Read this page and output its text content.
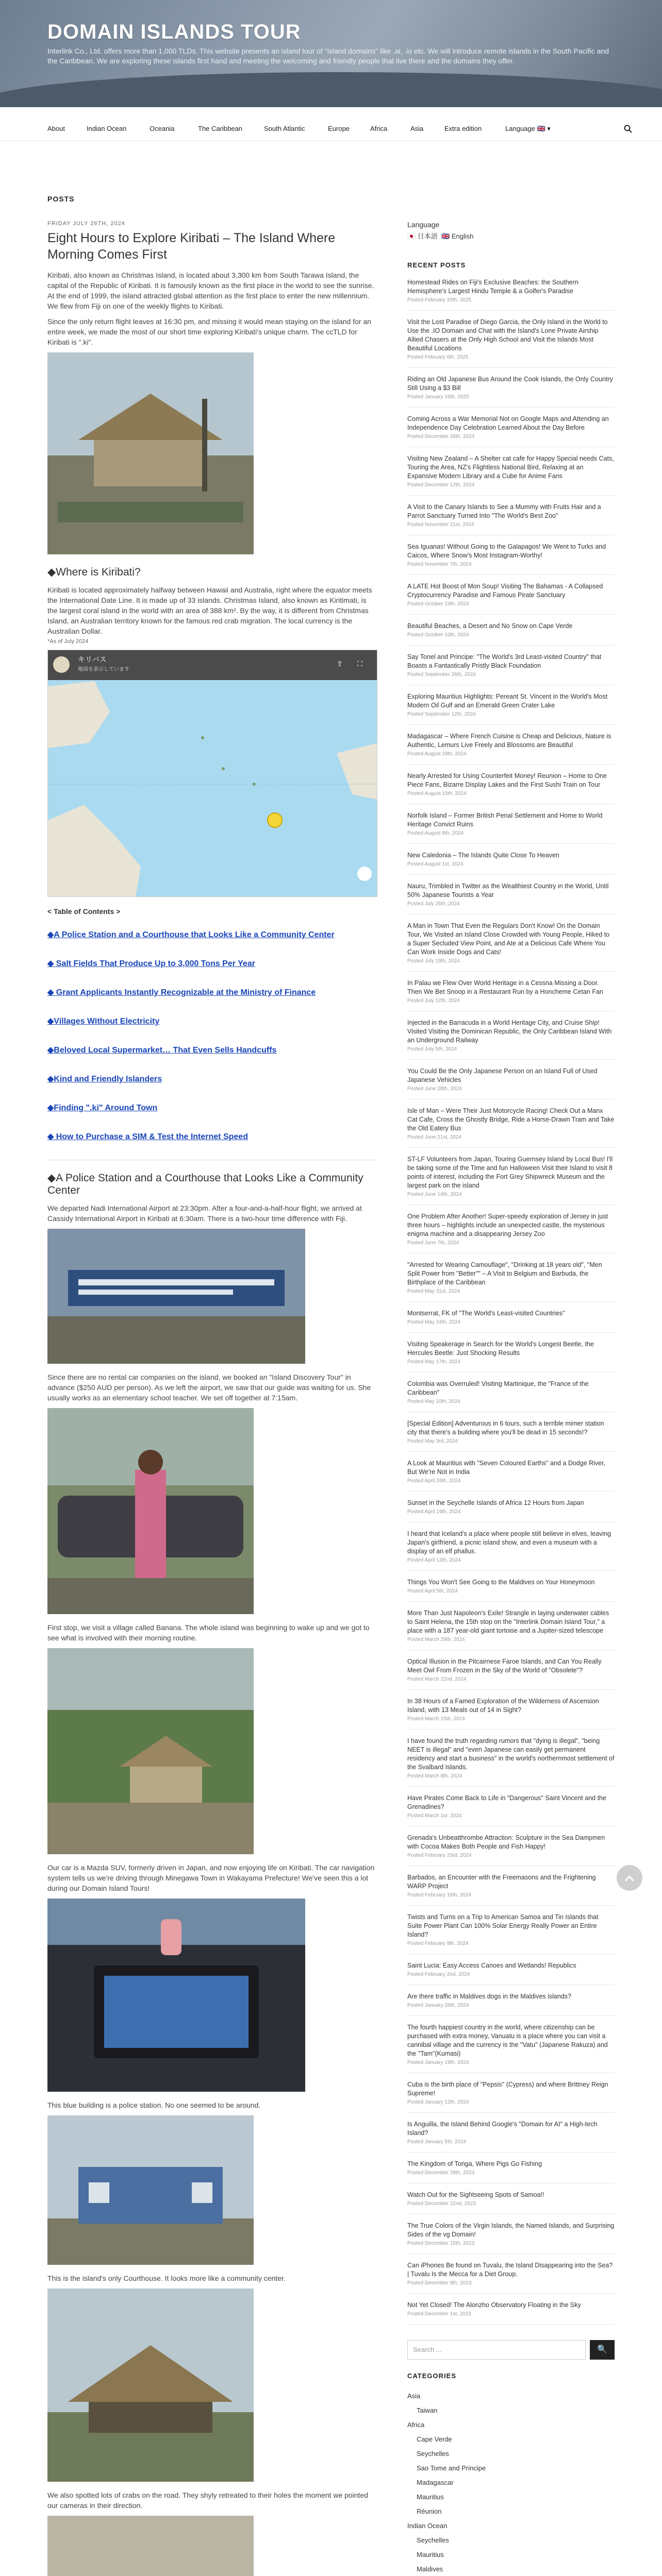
DOMAIN ISLANDS TOUR

Interlink Co., Ltd. offers more than 1,000 TLDs. This website presents an island tour of "island domains" like .ai, .io etc. We will introduce remote islands in the South Pacific and the Caribbean. We are exploring these islands first hand and meeting the welcoming and friendly people that live there and the domains they offer.

About	Indian Ocean	Oceania	The Caribbean	South Atlantic	Europe	Africa	Asia	Extra edition	Language 🇬🇧 ▾
POSTS
FRIDAY JULY 26TH, 2024
Eight Hours to Explore Kiribati – The Island Where Morning Comes First
Kiribati, also known as Christmas Island, is located about 3,300 km from South Tarawa Island, the capital of the Republic of Kiribati. It is famously known as the first place in the world to see the sunrise. At the end of 1999, the island attracted global attention as the first place to enter the new millennium. We flew from Fiji on one of the weekly flights to Kiribati.
Since the only return flight leaves at 16:30 pm, and missing it would mean staying on the island for an entire week, we made the most of our short time exploring Kiribati's unique charm. The ccTLD for Kiribati is ".ki".
◆Where is Kiribati?
Kiribati is located approximately halfway between Hawaii and Australia, right where the equator meets the International Date Line. It is made up of 33 islands. Christmas Island, also known as Kiritimati, is the largest coral island in the world with an area of 388 km². By the way, it is different from Christmas Island, an Australian territory known for the famous red crab migration. The local currency is the Australian Dollar.
*As of July 2024
キリバス
地図を表示しています
⇪ ⛶
< Table of Contents >
◆A Police Station and a Courthouse that Looks Like a Community Center
◆ Salt Fields That Produce Up to 3,000 Tons Per Year
◆ Grant Applicants Instantly Recognizable at the Ministry of Finance
◆Villages Without Electricity
◆Beloved Local Supermarket… That Even Sells Handcuffs
◆Kind and Friendly Islanders
◆Finding ".ki" Around Town
◆ How to Purchase a SIM & Test the Internet Speed
◆A Police Station and a Courthouse that Looks Like a Community Center
We departed Nadi International Airport at 23:30pm. After a four-and-a-half-hour flight, we arrived at Cassidy International Airport in Kiribati at 6:30am. There is a two-hour time difference with Fiji.
Since there are no rental car companies on the island, we booked an "Island Discovery Tour" in advance ($250 AUD per person). As we left the airport, we saw that our guide was waiting for us. She usually works as an elementary school teacher. We set off together at 7:15am.
First stop, we visit a village called Banana. The whole island was beginning to wake up and we got to see what is involved with their morning routine.
Our car is a Mazda SUV, formerly driven in Japan, and now enjoying life on Kiribati. The car navigation system tells us we're driving through Minegawa Town in Wakayama Prefecture! We've seen this a lot during our Domain Island Tours!
This blue building is a police station. No one seemed to be around.
This is the island's only Courthouse. It looks more like a community center.
We also spotted lots of crabs on the road. They shyly retreated to their holes the moment we pointed our cameras in their direction.
Language
🇯🇵 日本語 🇬🇧 English
RECENT POSTS
Homestead Rides on Fiji's Exclusive Beaches: the Southern Hemisphere's Largest Hindu Temple & a Golfer's Paradise
Posted February 20th, 2025
Visit the Lost Paradise of Diego Garcia, the Only Island in the World to Use the .IO Domain and Chat with the Island's Lone Private Airship Allied Chasers at the Only High School and Visit the Islands Most Beautiful Locations
Posted February 6th, 2025
Riding an Old Japanese Bus Around the Cook Islands, the Only Country Still Using a $3 Bill
Posted January 16th, 2025
Coming Across a War Memorial Not on Google Maps and Attending an Independence Day Celebration Learned About the Day Before
Posted December 26th, 2024
Visiting New Zealand – A Shelter cat cafe for Happy Special needs Cats, Touring the Area, NZ's Flightless National Bird, Relaxing at an Expansive Modern Library and a Cube for Anime Fans
Posted December 12th, 2024
A Visit to the Canary Islands to See a Mummy with Fruits Hair and a Parrot Sanctuary Turned Into "The World's Best Zoo"
Posted November 21st, 2024
Sea Iguanas! Without Going to the Galapagos! We Went to Turks and Caicos, Where Snow's Most Instagram-Worthy!
Posted November 7th, 2024
A LATE Hot Boost of Mon Soup! Visiting The Bahamas - A Collapsed Cryptocurrency Paradise and Famous Pirate Sanctuary
Posted October 24th, 2024
Beautiful Beaches, a Desert and No Snow on Cape Verde
Posted October 10th, 2024
Say Tonel and Principe: "The World's 3rd Least-visited Country" that Boasts a Fantastically Pristly Black Foundation
Posted September 26th, 2024
Exploring Mauritius Highlights: Pereant St. Vincent in the World's Most Modern Oil Gulf and an Emerald Green Crater Lake
Posted September 12th, 2024
Madagascar – Where French Cuisine is Cheap and Delicious, Nature is Authentic, Lemurs Live Freely and Blossoms are Beautiful
Posted August 29th, 2024
Nearly Arrested for Using Counterfeit Money! Reunion – Home to One Piece Fans, Bizarre Display Lakes and the First Sushi Train on Tour
Posted August 15th, 2024
Norfolk Island – Former British Penal Settlement and Home to World Heritage Convict Ruins
Posted August 8th, 2024
New Caledonia – The Islands Quite Close To Heaven
Posted August 1st, 2024
Nauru, Trimbled in Twitter as the Wealthiest Country in the World, Until 50% Japanese Tourists a Year
Posted July 26th, 2024
A Man in Town That Even the Regulars Don't Know! On the Domain Tour, We Visited an Island Close Crowded with Young People, Hiked to a Super Secluded View Point, and Ate at a Delicious Cafe Where You Can Work Inside Dogs and Cats!
Posted July 19th, 2024
In Palau we Flew Over World Heritage in a Cessna Missing a Door. Then We Bet Snoop in a Restaurant Run by a Honcheme Cetan Fan
Posted July 12th, 2024
Injected in the Barracuda in a World Heritage City, and Cruise Ship! Visited Visiting the Dominican Republic, the Only Caribbean Island With an Underground Railway
Posted July 5th, 2024
You Could Be the Only Japanese Person on an Island Full of Used Japanese Vehicles
Posted June 28th, 2024
Isle of Man – Were Their Just Motorcycle Racing! Check Out a Manx Cat Cafe, Cross the Ghostly Bridge, Ride a Horse-Drawn Tram and Take the Old Eatery Bus
Posted June 21st, 2024
ST-LF Volunteers from Japan, Touring Guernsey Island by Local Bus! I'll be taking some of the Time and fun Halloween Visit their Island to visit 8 points of interest, including the Fort Grey Shipwreck Museum and the largest park on the island
Posted June 14th, 2024
One Problem After Another! Super-speedy exploration of Jersey in just three hours – highlights include an unexpected castle, the mysterious enigma machine and a disappearing Jersey Zoo
Posted June 7th, 2024
"Arrested for Wearing Camouflage", "Drinking at 18 years old", "Men Split Power from "Better"" – A Visit to Belgium and Barbuda, the Birthplace of the Caribbean
Posted May 31st, 2024
Montserrat, FK of "The World's Least-visited Countries"
Posted May 24th, 2024
Visiting Speakerage in Search for the World's Longest Beetle, the Hercules Beetle: Just Shocking Results
Posted May 17th, 2024
Colombia was Overruled! Visiting Martinique, the "France of the Caribbean"
Posted May 10th, 2024
[Special Edition] Adventurous in 6 tours, such a terrible mimer station city that there's a building where you'll be dead in 15 seconds!?
Posted May 3rd, 2024
A Look at Mauritius with "Seven Coloured Earths" and a Dodge River, But We're Not in India
Posted April 26th, 2024
Sunset in the Seychelle Islands of Africa 12 Hours from Japan
Posted April 19th, 2024
I heard that Iceland's a place where people still believe in elves, leaving Japan's girlfriend, a picnic island show, and even a museum with a display of an elf phallus.
Posted April 12th, 2024
Things You Won't See Going to the Maldives on Your Honeymoon
Posted April 5th, 2024
More Than Just Napoleon's Exile! Strangle in laying underwater cables to Saint Helena, the 15th stop on the "Interlink Domain Island Tour," a place with a 187 year-old giant tortoise and a Jupiter-sized telescope
Posted March 29th, 2024
Optical Illusion in the Pitcairnese Faroe Islands, and Can You Really Meet Owl From Frozen in the Sky of the World of "Obsolete"?
Posted March 22nd, 2024
In 38 Hours of a Famed Exploration of the Wilderness of Ascension Island, with 13 Meals out of 14 in Sight?
Posted March 15th, 2024
I have found the truth regarding rumors that "dying is illegal", "being NEET is illegal" and "even Japanese can easily get permanent residency and start a business" in the world's northernmost settlement of the Svalbard Islands.
Posted March 8th, 2024
Have Pirates Come Back to Life in "Dangerous" Saint Vincent and the Grenadines?
Posted March 1st, 2024
Grenada's Unbeatthrombe Attraction: Sculpture in the Sea Dampmen with Cocoa Makes Both People and Fish Happy!
Posted February 23rd, 2024
Barbados, an Encounter with the Freemasons and the Frightening WARP Project
Posted February 16th, 2024
Twists and Turns on a Trip to American Samoa and Tin Islands that Suite Power Plant Can 100% Solar Energy Really Power an Entire Island?
Posted February 9th, 2024
Saint Lucia: Easy Access Canoes and Wetlands! Republics
Posted February 2nd, 2024
Are there traffic in Maldives dogs in the Maldives islands?
Posted January 26th, 2024
The fourth happiest country in the world, where citizenship can be purchased with extra money, Vanuatu is a place where you can visit a cannibal village and the currency is the "Vatu" (Japanese Rakuza) and the "Tam"(Kumasi)
Posted January 19th, 2024
Cuba is the birth place of "Pepsis" (Cypress) and where Brittney Reign Supreme!
Posted January 12th, 2024
Is Anguilla, the Island Behind Google's "Domain for AI" a High-tech Island?
Posted January 5th, 2024
The Kingdom of Tonga, Where Pigs Go Fishing
Posted December 29th, 2023
Watch Out for the Sightseeing Spots of Samoa!!
Posted December 22nd, 2023
The True Colors of the Virgin Islands, the Named Islands, and Surprising Sides of the vg Domain!
Posted December 15th, 2023
Can iPhones Be found on Tuvalu, the Island Disappearing into the Sea? | Tuvalu Is the Mecca for a Diet Group.
Posted December 8th, 2023
Not Yet Closed! The Alonzho Observatory Floating in the Sky
Posted December 1st, 2023
Search ...	🔍
CATEGORIES
Asia
Taiwan
Africa
Cape Verde
Seychelles
Sao Tome and Principe
Madagascar
Mauritius
Réunion
Indian Ocean
Seychelles
Mauritius
Maldives
